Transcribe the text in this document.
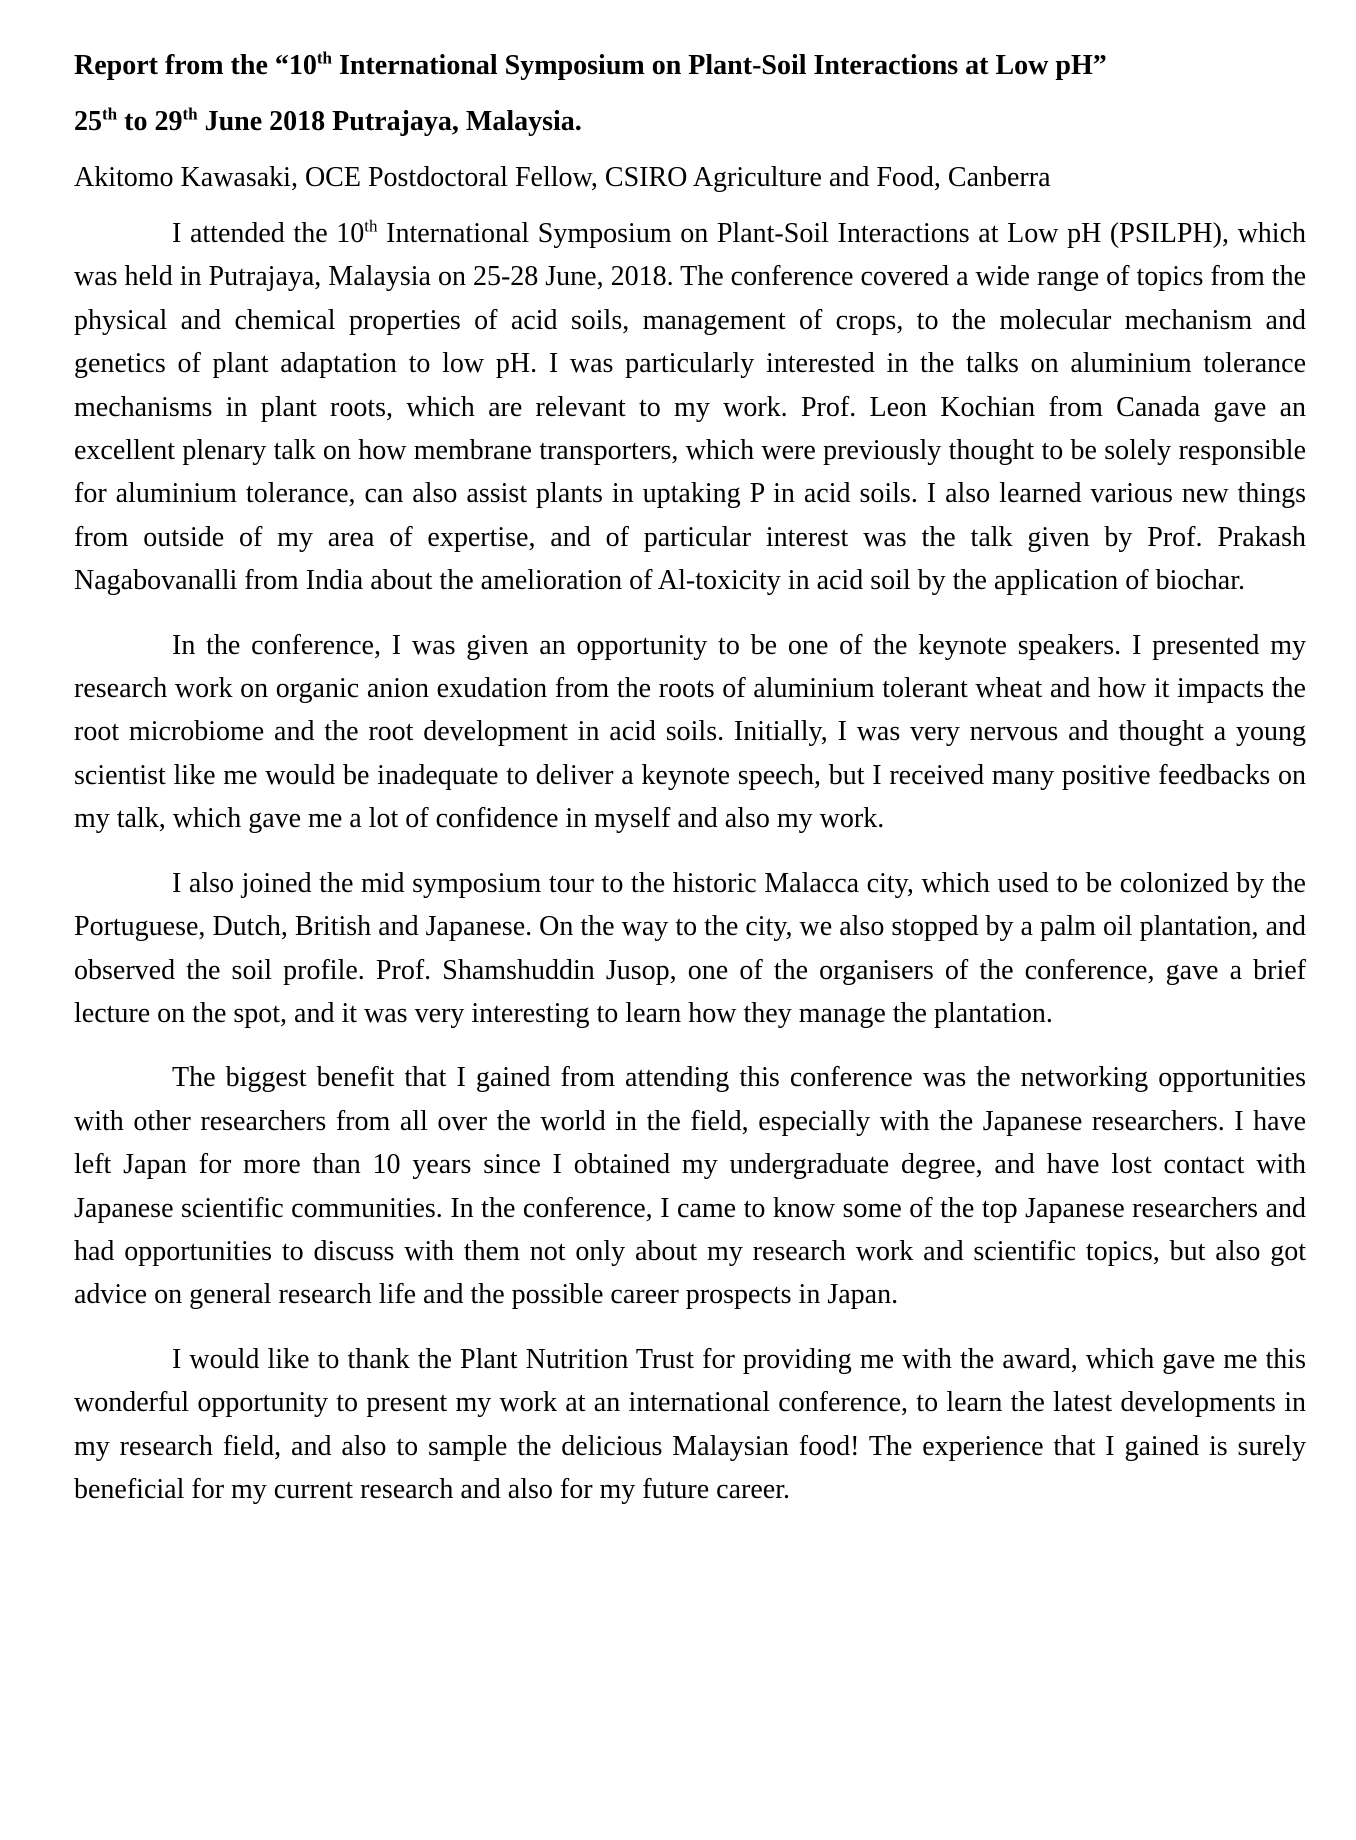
Report from the “10th International Symposium on Plant-Soil Interactions at Low pH”
25th to 29th June 2018 Putrajaya, Malaysia.
Akitomo Kawasaki, OCE Postdoctoral Fellow, CSIRO Agriculture and Food, Canberra

I attended the 10th International Symposium on Plant-Soil Interactions at Low pH (PSILPH), which was held in Putrajaya, Malaysia on 25-28 June, 2018. The conference covered a wide range of topics from the physical and chemical properties of acid soils, management of crops, to the molecular mechanism and genetics of plant adaptation to low pH. I was particularly interested in the talks on aluminium tolerance mechanisms in plant roots, which are relevant to my work. Prof. Leon Kochian from Canada gave an excellent plenary talk on how membrane transporters, which were previously thought to be solely responsible for aluminium tolerance, can also assist plants in uptaking P in acid soils. I also learned various new things from outside of my area of expertise, and of particular interest was the talk given by Prof. Prakash Nagabovanalli from India about the amelioration of Al-toxicity in acid soil by the application of biochar.

In the conference, I was given an opportunity to be one of the keynote speakers. I presented my research work on organic anion exudation from the roots of aluminium tolerant wheat and how it impacts the root microbiome and the root development in acid soils. Initially, I was very nervous and thought a young scientist like me would be inadequate to deliver a keynote speech, but I received many positive feedbacks on my talk, which gave me a lot of confidence in myself and also my work.

I also joined the mid symposium tour to the historic Malacca city, which used to be colonized by the Portuguese, Dutch, British and Japanese. On the way to the city, we also stopped by a palm oil plantation, and observed the soil profile. Prof. Shamshuddin Jusop, one of the organisers of the conference, gave a brief lecture on the spot, and it was very interesting to learn how they manage the plantation.

The biggest benefit that I gained from attending this conference was the networking opportunities with other researchers from all over the world in the field, especially with the Japanese researchers. I have left Japan for more than 10 years since I obtained my undergraduate degree, and have lost contact with Japanese scientific communities. In the conference, I came to know some of the top Japanese researchers and had opportunities to discuss with them not only about my research work and scientific topics, but also got advice on general research life and the possible career prospects in Japan.

I would like to thank the Plant Nutrition Trust for providing me with the award, which gave me this wonderful opportunity to present my work at an international conference, to learn the latest developments in my research field, and also to sample the delicious Malaysian food! The experience that I gained is surely beneficial for my current research and also for my future career.
